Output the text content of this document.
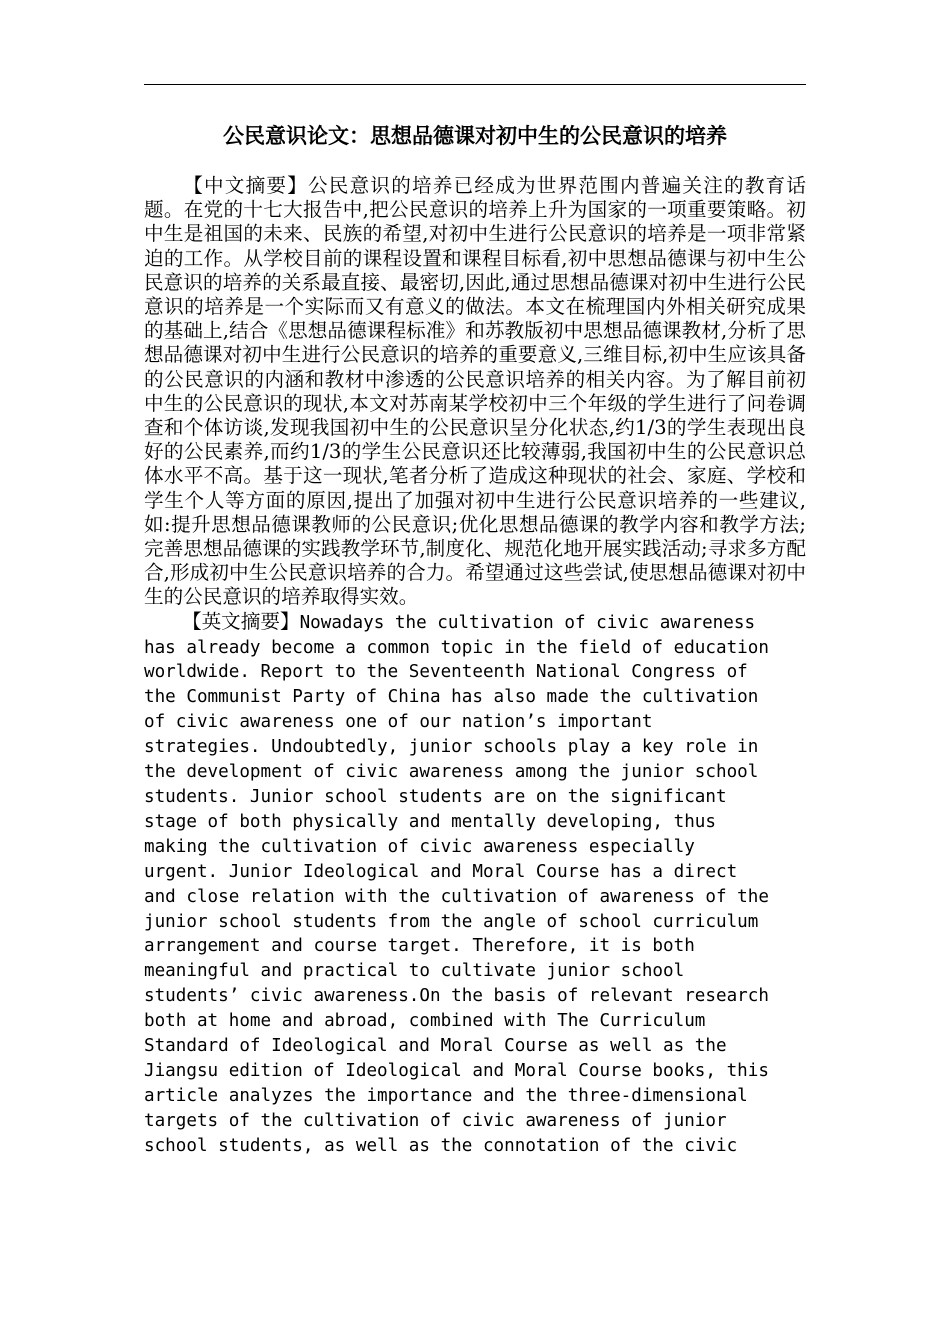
公民意识论文：思想品德课对初中生的公民意识的培养

【中文摘要】公民意识的培养已经成为世界范围内普遍关注的教育话题。在党的十七大报告中,把公民意识的培养上升为国家的一项重要策略。初中生是祖国的未来、民族的希望,对初中生进行公民意识的培养是一项非常紧迫的工作。从学校目前的课程设置和课程目标看,初中思想品德课与初中生公民意识的培养的关系最直接、最密切,因此,通过思想品德课对初中生进行公民意识的培养是一个实际而又有意义的做法。本文在梳理国内外相关研究成果的基础上,结合《思想品德课程标准》和苏教版初中思想品德课教材,分析了思想品德课对初中生进行公民意识的培养的重要意义,三维目标,初中生应该具备的公民意识的内涵和教材中渗透的公民意识培养的相关内容。为了解目前初中生的公民意识的现状,本文对苏南某学校初中三个年级的学生进行了问卷调查和个体访谈,发现我国初中生的公民意识呈分化状态,约1/3的学生表现出良好的公民素养,而约1/3的学生公民意识还比较薄弱,我国初中生的公民意识总体水平不高。基于这一现状,笔者分析了造成这种现状的社会、家庭、学校和学生个人等方面的原因,提出了加强对初中生进行公民意识培养的一些建议,如:提升思想品德课教师的公民意识;优化思想品德课的教学内容和教学方法;完善思想品德课的实践教学环节,制度化、规范化地开展实践活动;寻求多方配合,形成初中生公民意识培养的合力。希望通过这些尝试,使思想品德课对初中生的公民意识的培养取得实效。

【英文摘要】Nowadays the cultivation of civic awareness
has already become a common topic in the field of education
worldwide. Report to the Seventeenth National Congress of
the Communist Party of China has also made the cultivation
of civic awareness one of our nation’s important
strategies. Undoubtedly, junior schools play a key role in
the development of civic awareness among the junior school
students. Junior school students are on the significant
stage of both physically and mentally developing, thus
making the cultivation of civic awareness especially
urgent. Junior Ideological and Moral Course has a direct
and close relation with the cultivation of awareness of the
junior school students from the angle of school curriculum
arrangement and course target. Therefore, it is both
meaningful and practical to cultivate junior school
students’ civic awareness.On the basis of relevant research
both at home and abroad, combined with The Curriculum
Standard of Ideological and Moral Course as well as the
Jiangsu edition of Ideological and Moral Course books, this
article analyzes the importance and the three-dimensional
targets of the cultivation of civic awareness of junior
school students, as well as the connotation of the civic
